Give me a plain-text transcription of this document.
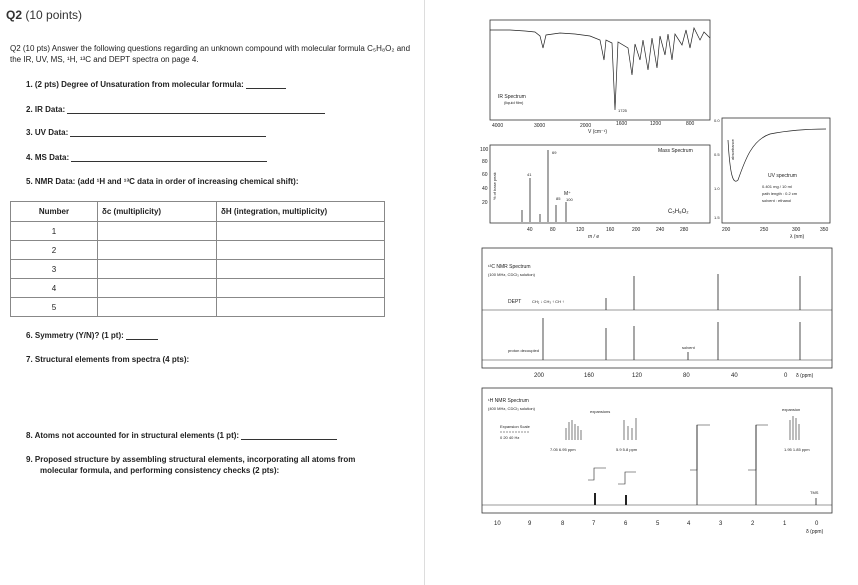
Q2 (10 points)
Q2 (10 pts) Answer the following questions regarding an unknown compound with molecular formula C₅H₈O₂ and the IR, UV, MS, ¹H, ¹³C and DEPT spectra on page 4.
1. (2 pts) Degree of Unsaturation from molecular formula:
2. IR Data:
3. UV Data:
4. MS Data:
5. NMR Data: (add ¹H and ¹³C data in order of increasing chemical shift):
Number	δc (multiplicity)	δH (integration, multiplicity)
1		
2		
3		
4		
5		
6. Symmetry (Y/N)? (1 pt):
7. Structural elements from spectra (4 pts):
8. Atoms not accounted for in structural elements (1 pt):
9. Proposed structure by assembling structural elements, incorporating all atoms from
molecular formula, and performing consistency checks (2 pts):
IR Spectrum
(liquid film)
1725
4000	3000	2000	1600	1200	800
V (cm⁻¹)
69
41
85
M⁺
100
Mass Spectrum
C₅H₈O₂
100
80
60
40
20
% of base peak
40	80	120	160	200	240	280
m / e
UV spectrum
0.401 mg / 10 ml
path length : 0.2 cm
solvent : ethanol
absorbance
0.0
0.5
1.0
1.5
200	250	300	350
λ (nm)
¹³C NMR Spectrum
(100 MHz, CDCl₃ solution)
DEPT	CH₂ ↓ CH₃ ↑ CH ↑
proton decoupled
solvent
200	160	120	80	40	0 δ (ppm)
¹H NMR Spectrum
(400 MHz, CDCl₃ solution)
expansions	expansion
Expansion Scale
0 20 40 Hz
7.05 6.95 ppm	5.9 5.8 ppm	1.95 1.85 ppm
TMS
10	9	8	7	6	5	4	3	2	1	0
δ (ppm)
